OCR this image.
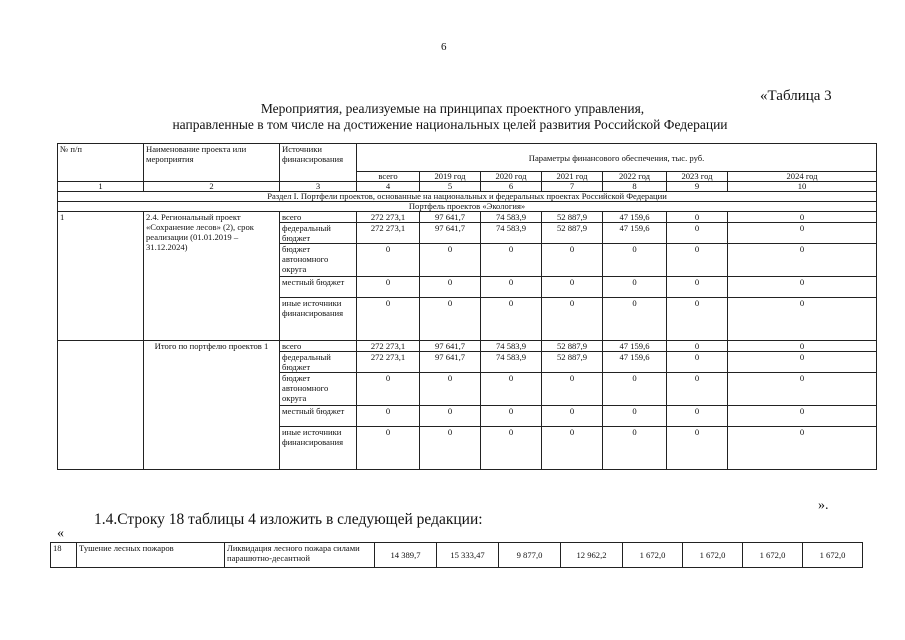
6
«Таблица 3
Мероприятия, реализуемые на принципах проектного управления,
направленные в том числе на достижение национальных целей развития Российской Федерации
№ п/п	Наименование проекта или мероприятия	Источники финансирования	Параметры финансового обеспечения, тыс. руб.						
			всего	2019 год	2020 год	2021 год	2022 год	2023 год	2024 год
1	2	3	4	5	6	7	8	9	10
Раздел I. Портфели проектов, основанные на национальных и федеральных проектах Российской Федерации									
Портфель проектов «Экология»									
1	2.4. Региональный проект «Сохранение лесов» (2), срок реализации (01.01.2019 – 31.12.2024)	всего	272 273,1	97 641,7	74 583,9	52 887,9	47 159,6	0	0
		федеральный бюджет	272 273,1	97 641,7	74 583,9	52 887,9	47 159,6	0	0
		бюджет автономного округа	0	0	0	0	0	0	0
		местный бюджет	0	0	0	0	0	0	0
		иные источники финансирования	0	0	0	0	0	0	0
	Итого по портфелю проектов 1	всего	272 273,1	97 641,7	74 583,9	52 887,9	47 159,6	0	0
		федеральный бюджет	272 273,1	97 641,7	74 583,9	52 887,9	47 159,6	0	0
		бюджет автономного округа	0	0	0	0	0	0	0
		местный бюджет	0	0	0	0	0	0	0
		иные источники финансирования	0	0	0	0	0	0	0
».
1.4.Строку 18 таблицы 4 изложить в следующей редакции:
«
18	Тушение лесных пожаров	Ликвидация лесного пожара силами парашютно-десантной	14 389,7	15 333,47	9 877,0	12 962,2	1 672,0	1 672,0	1 672,0	1 672,0
